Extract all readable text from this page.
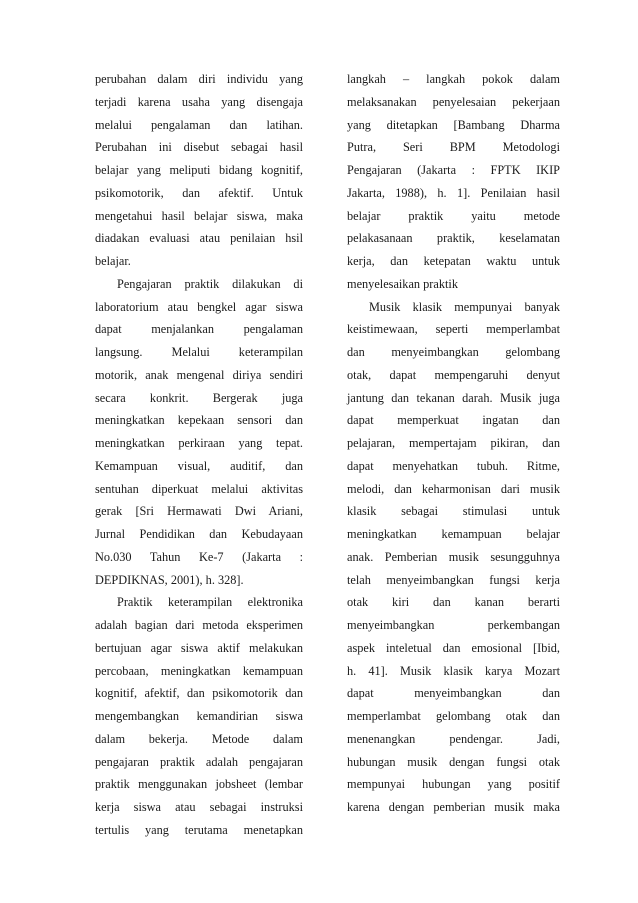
perubahan dalam diri individu yang
terjadi karena usaha yang disengaja
melalui pengalaman dan latihan.
Perubahan ini disebut sebagai hasil
belajar yang meliputi bidang kognitif,
psikomotorik, dan afektif. Untuk
mengetahui hasil belajar siswa, maka
diadakan evaluasi atau penilaian hsil
belajar.
Pengajaran praktik dilakukan di
laboratorium atau bengkel agar siswa
dapat menjalankan pengalaman
langsung. Melalui keterampilan
motorik, anak mengenal diriya sendiri
secara konkrit. Bergerak juga
meningkatkan kepekaan sensori dan
meningkatkan perkiraan yang tepat.
Kemampuan visual, auditif, dan
sentuhan diperkuat melalui aktivitas
gerak [Sri Hermawati Dwi Ariani,
Jurnal Pendidikan dan Kebudayaan
No.030 Tahun Ke-7 (Jakarta :
DEPDIKNAS, 2001), h. 328].
Praktik keterampilan elektronika
adalah bagian dari metoda eksperimen
bertujuan agar siswa aktif melakukan
percobaan, meningkatkan kemampuan
kognitif, afektif, dan psikomotorik dan
mengembangkan kemandirian siswa
dalam bekerja. Metode dalam
pengajaran praktik adalah pengajaran
praktik menggunakan jobsheet (lembar
kerja siswa atau sebagai instruksi
tertulis yang terutama menetapkan
langkah – langkah pokok dalam
melaksanakan penyelesaian pekerjaan
yang ditetapkan [Bambang Dharma
Putra, Seri BPM Metodologi
Pengajaran (Jakarta : FPTK IKIP
Jakarta, 1988), h. 1]. Penilaian hasil
belajar praktik yaitu metode
pelakasanaan praktik, keselamatan
kerja, dan ketepatan waktu untuk
menyelesaikan praktik
Musik klasik mempunyai banyak
keistimewaan, seperti memperlambat
dan menyeimbangkan gelombang
otak, dapat mempengaruhi denyut
jantung dan tekanan darah. Musik juga
dapat memperkuat ingatan dan
pelajaran, mempertajam pikiran, dan
dapat menyehatkan tubuh. Ritme,
melodi, dan keharmonisan dari musik
klasik sebagai stimulasi untuk
meningkatkan kemampuan belajar
anak. Pemberian musik sesungguhnya
telah menyeimbangkan fungsi kerja
otak kiri dan kanan berarti
menyeimbangkan perkembangan
aspek inteletual dan emosional [Ibid,
h. 41]. Musik klasik karya Mozart
dapat menyeimbangkan dan
memperlambat gelombang otak dan
menenangkan pendengar. Jadi,
hubungan musik dengan fungsi otak
mempunyai hubungan yang positif
karena dengan pemberian musik maka
